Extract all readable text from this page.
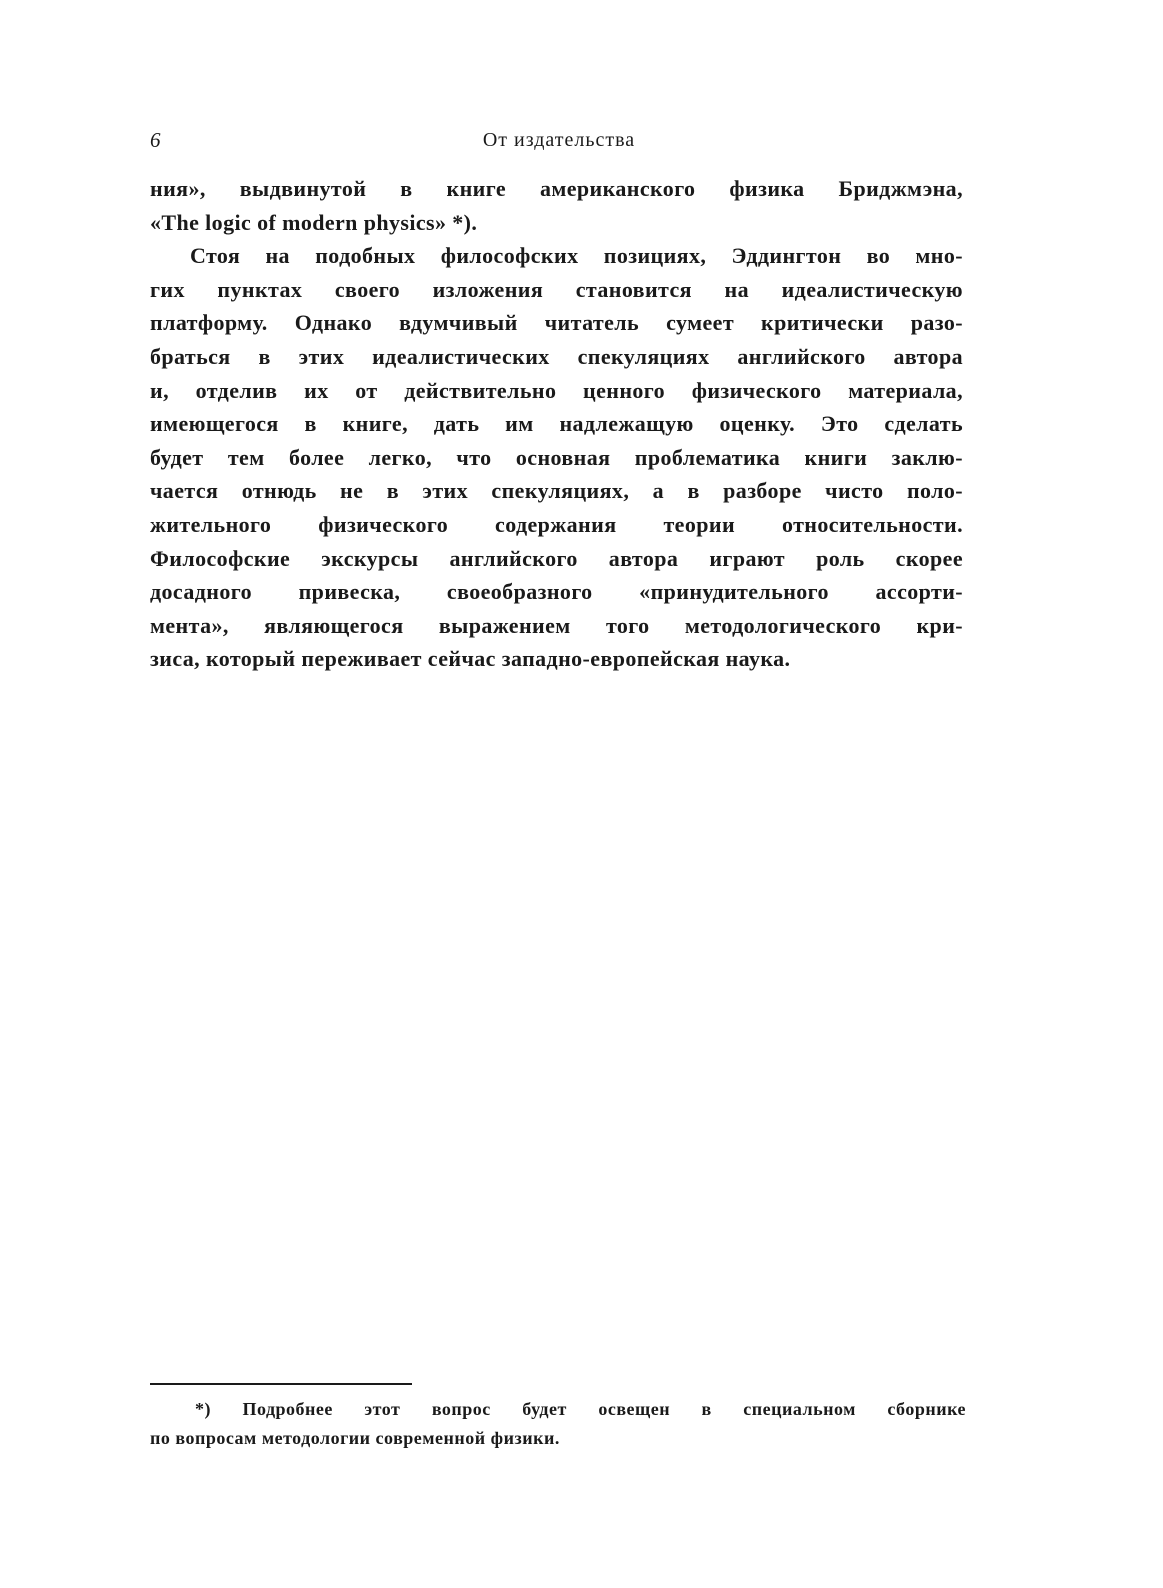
6	От издательства
ния», выдвинутой в книге американского физика Бриджмэна,
«The logic of modern physics» *).
Стоя на подобных философских позициях, Эддингтон во мно-
гих пунктах своего изложения становится на идеалистическую
платформу. Однако вдумчивый читатель сумеет критически разо-
браться в этих идеалистических спекуляциях английского автора
и, отделив их от действительно ценного физического материала,
имеющегося в книге, дать им надлежащую оценку. Это сделать
будет тем более легко, что основная проблематика книги заклю-
чается отнюдь не в этих спекуляциях, а в разборе чисто поло-
жительного физического содержания теории относительности.
Философские экскурсы английского автора играют роль скорее
досадного привеска, своеобразного «принудительного ассорти-
мента», являющегося выражением того методологического кри-
зиса, который переживает сейчас западно-европейская наука.
*) Подробнее этот вопрос будет освещен в специальном сборнике
по вопросам методологии современной физики.
